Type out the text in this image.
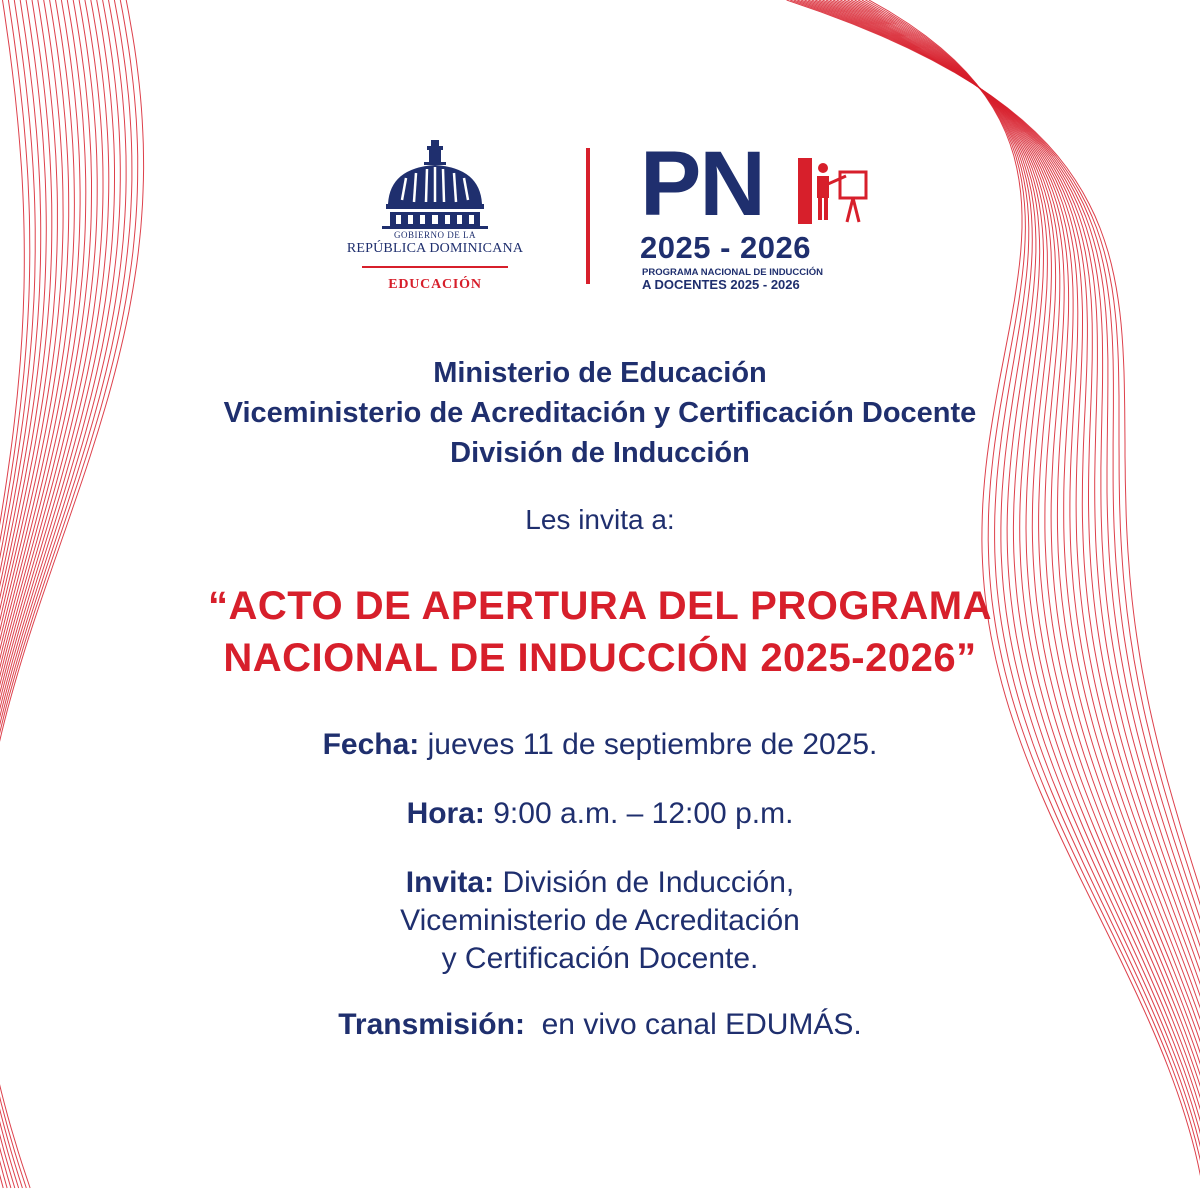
GOBIERNO DE LA
REPÚBLICA DOMINICANA
EDUCACIÓN
PN
2025 - 2026
PROGRAMA NACIONAL DE INDUCCIÓN
A DOCENTES 2025 - 2026
Ministerio de Educación
Viceministerio de Acreditación y Certificación Docente
División de Inducción
Les invita a:
“ACTO DE APERTURA DEL PROGRAMA
NACIONAL DE INDUCCIÓN 2025-2026”
Fecha: jueves 11 de septiembre de 2025.
Hora: 9:00 a.m. – 12:00 p.m.
Invita: División de Inducción,
Viceministerio de Acreditación
y Certificación Docente.
Transmisión: en vivo canal EDUMÁS.
